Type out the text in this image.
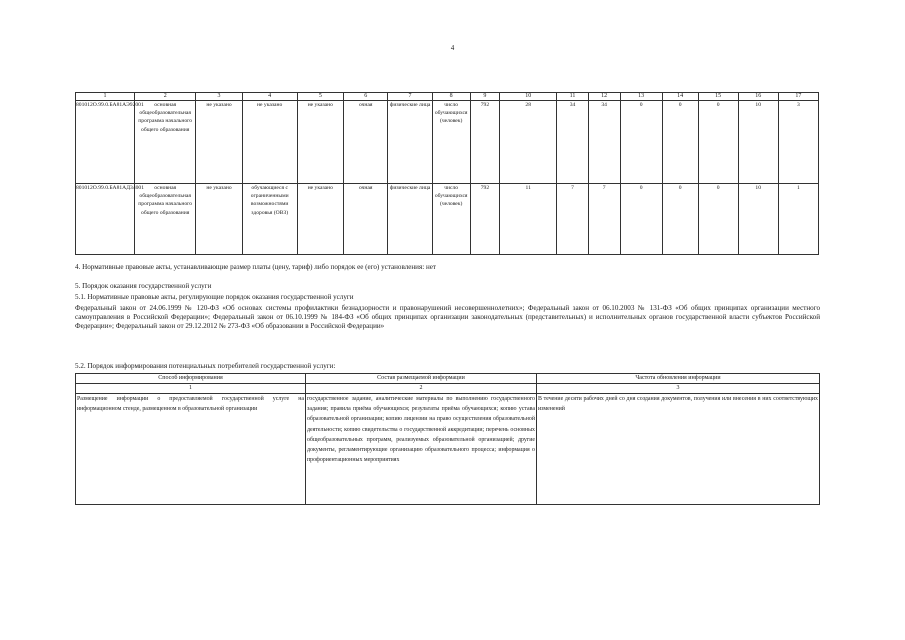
4
1	2	3	4	5	6	7	8	9	10	11	12	13	14	15	16	17
801012О.99.0.БА81АЭ92001	основная общеобразовательная программа начального общего образования	не указано	не указано	не указано	очная	физические лица	число обучающихся (человек)	792	28	34	34	0	0	0	10	3
801012О.99.0.БА81АД34001	основная общеобразовательная программа начального общего образования	не указано	обучающиеся с ограниченными возможностями здоровья (ОВЗ)	не указано	очная	физические лица	число обучающихся (человек)	792	11	7	7	0	0	0	10	1
4. Нормативные правовые акты, устанавливающие размер платы (цену, тариф) либо порядок ее (его) установления: нет
5. Порядок оказания государственной услуги
5.1. Нормативные правовые акты, регулирующие порядок оказания государственной услуги
Федеральный закон от 24.06.1999 № 120-ФЗ «Об основах системы профилактики безнадзорности и правонарушений несовершеннолетних»; Федеральный закон от 06.10.2003 № 131-ФЗ «Об общих принципах организации местного самоуправления в Российской Федерации»; Федеральный закон от 06.10.1999 № 184-ФЗ «Об общих принципах организации законодательных (представительных) и исполнительных органов государственной власти субъектов Российской Федерации»; Федеральный закон от 29.12.2012 № 273-ФЗ «Об образовании в Российской Федерации»
5.2. Порядок информирования потенциальных потребителей государственной услуги:
Способ информирования	Состав размещаемой информации	Частота обновления информации
1	2	3
Размещение информации о предоставляемой государственной услуге на информационном стенде, размещенном в образовательной организации	государственное задание, аналитические материалы по выполнению государственного задания; правила приёма обучающихся; результаты приёма обучающихся; копию устава образовательной организации; копию лицензии на право осуществления образовательной деятельности; копию свидетельства о государственной аккредитации; перечень основных общеобразовательных программ, реализуемых образовательной организацией; другие документы, регламентирующие организацию образовательного процесса; информация о профориентационных мероприятиях	В течение десяти рабочих дней со дня создания документов, получения или внесения в них соответствующих изменений
